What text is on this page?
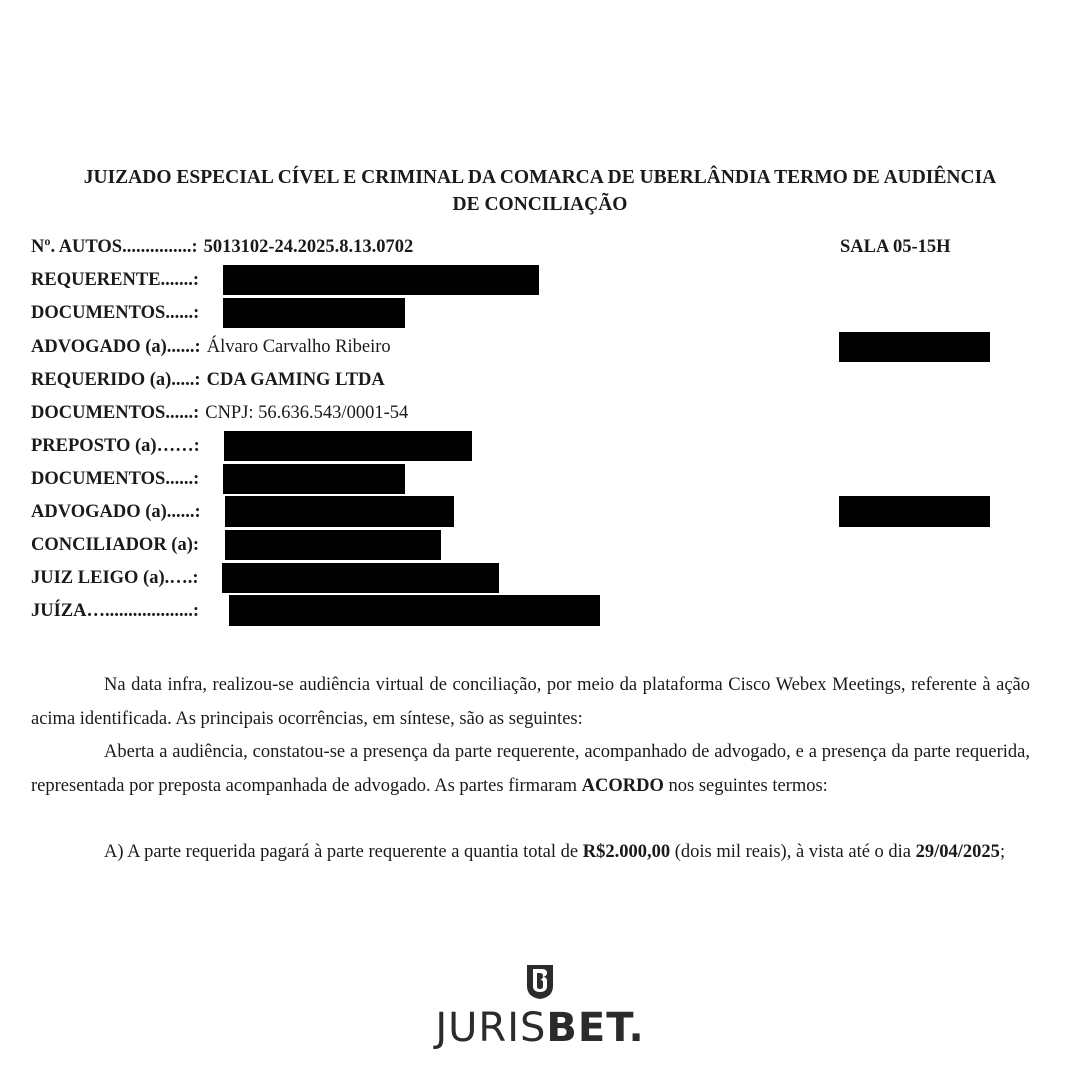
JUIZADO ESPECIAL CÍVEL E CRIMINAL DA COMARCA DE UBERLÂNDIA TERMO DE AUDIÊNCIA
DE CONCILIAÇÃO
Nº. AUTOS...............: 5013102-24.2025.8.13.0702	SALA 05-15H
REQUERENTE.......:
DOCUMENTOS......:
ADVOGADO (a)......: Álvaro Carvalho Ribeiro
REQUERIDO (a).....: CDA GAMING LTDA
DOCUMENTOS......: CNPJ: 56.636.543/0001-54
PREPOSTO (a)……:
DOCUMENTOS......:
ADVOGADO (a)......:
CONCILIADOR (a):
JUIZ LEIGO (a).….:
JUÍZA…...................:

Na data infra, realizou-se audiência virtual de conciliação, por meio da plataforma Cisco Webex Meetings, referente à ação acima identificada. As principais ocorrências, em síntese, são as seguintes:

Aberta a audiência, constatou-se a presença da parte requerente, acompanhado de advogado, e a presença da parte requerida, representada por preposta acompanhada de advogado. As partes firmaram ACORDO nos seguintes termos:

A) A parte requerida pagará à parte requerente a quantia total de R$2.000,00 (dois mil reais), à vista até o dia 29/04/2025;

JURISBET.
